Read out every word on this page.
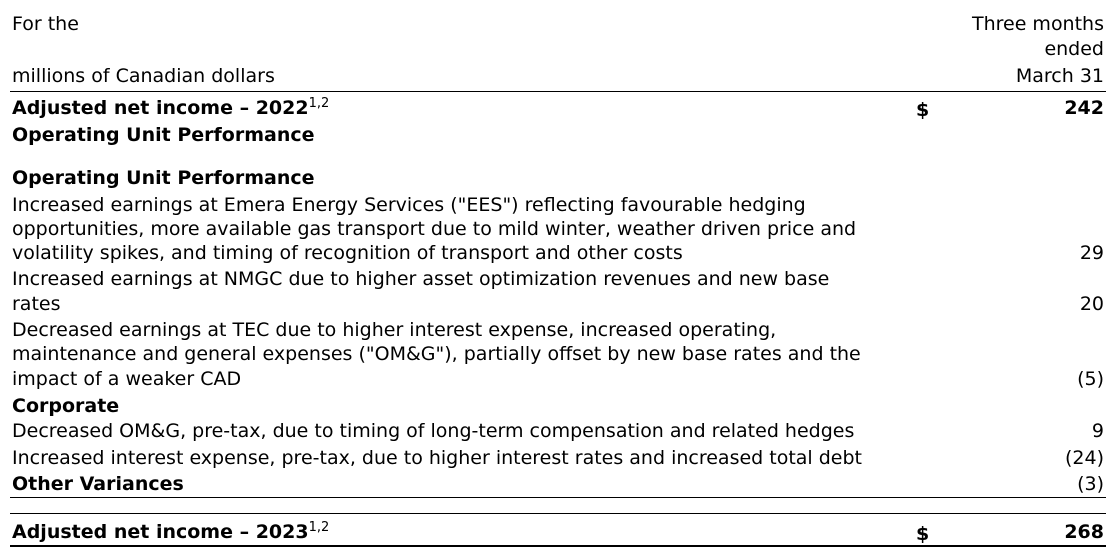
For the
millions of Canadian dollars
Three months
ended
March 31
Adjusted net income – 2022$^{1,2}$	$	242
Operating Unit Performance
Operating Unit Performance
Increased earnings at Emera Energy Services ("EES") reflecting favourable hedging
opportunities, more available gas transport due to mild winter, weather driven price and
volatility spikes, and timing of recognition of transport and other costs	29
Increased earnings at NMGC due to higher asset optimization revenues and new base
rates	20
Decreased earnings at TEC due to higher interest expense, increased operating,
maintenance and general expenses ("OM&G"), partially offset by new base rates and the
impact of a weaker CAD	(5)
Corporate
Decreased OM&G, pre-tax, due to timing of long-term compensation and related hedges	9
Increased interest expense, pre-tax, due to higher interest rates and increased total debt	(24)
Other Variances	(3)
Adjusted net income – 2023$^{1,2}$	$	268
